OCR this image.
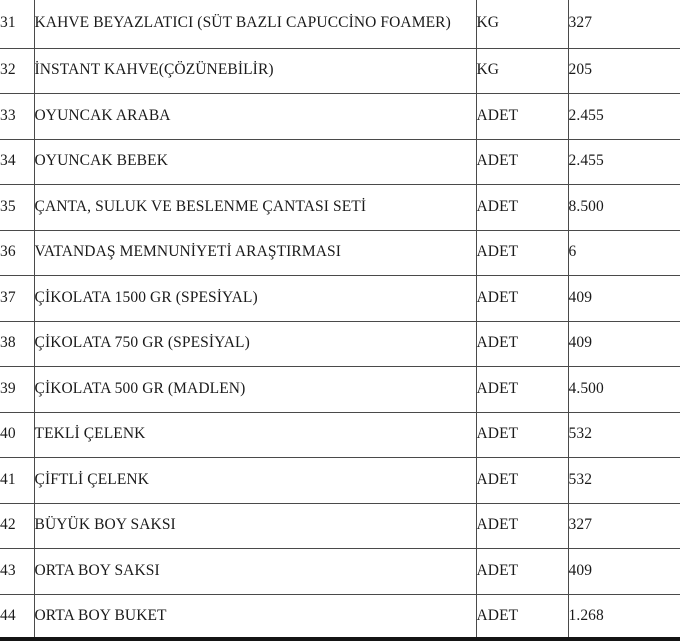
31	KAHVE BEYAZLATICI (SÜT BAZLI CAPUCCİNO FOAMER)	KG	327
32	İNSTANT KAHVE(ÇÖZÜNEBİLİR)	KG	205
33	OYUNCAK ARABA	ADET	2.455
34	OYUNCAK BEBEK	ADET	2.455
35	ÇANTA, SULUK VE BESLENME ÇANTASI SETİ	ADET	8.500
36	VATANDAŞ MEMNUNİYETİ ARAŞTIRMASI	ADET	6
37	ÇİKOLATA 1500 GR (SPESİYAL)	ADET	409
38	ÇİKOLATA 750 GR (SPESİYAL)	ADET	409
39	ÇİKOLATA 500 GR (MADLEN)	ADET	4.500
40	TEKLİ ÇELENK	ADET	532
41	ÇİFTLİ ÇELENK	ADET	532
42	BÜYÜK BOY SAKSI	ADET	327
43	ORTA BOY SAKSI	ADET	409
44	ORTA BOY BUKET	ADET	1.268
